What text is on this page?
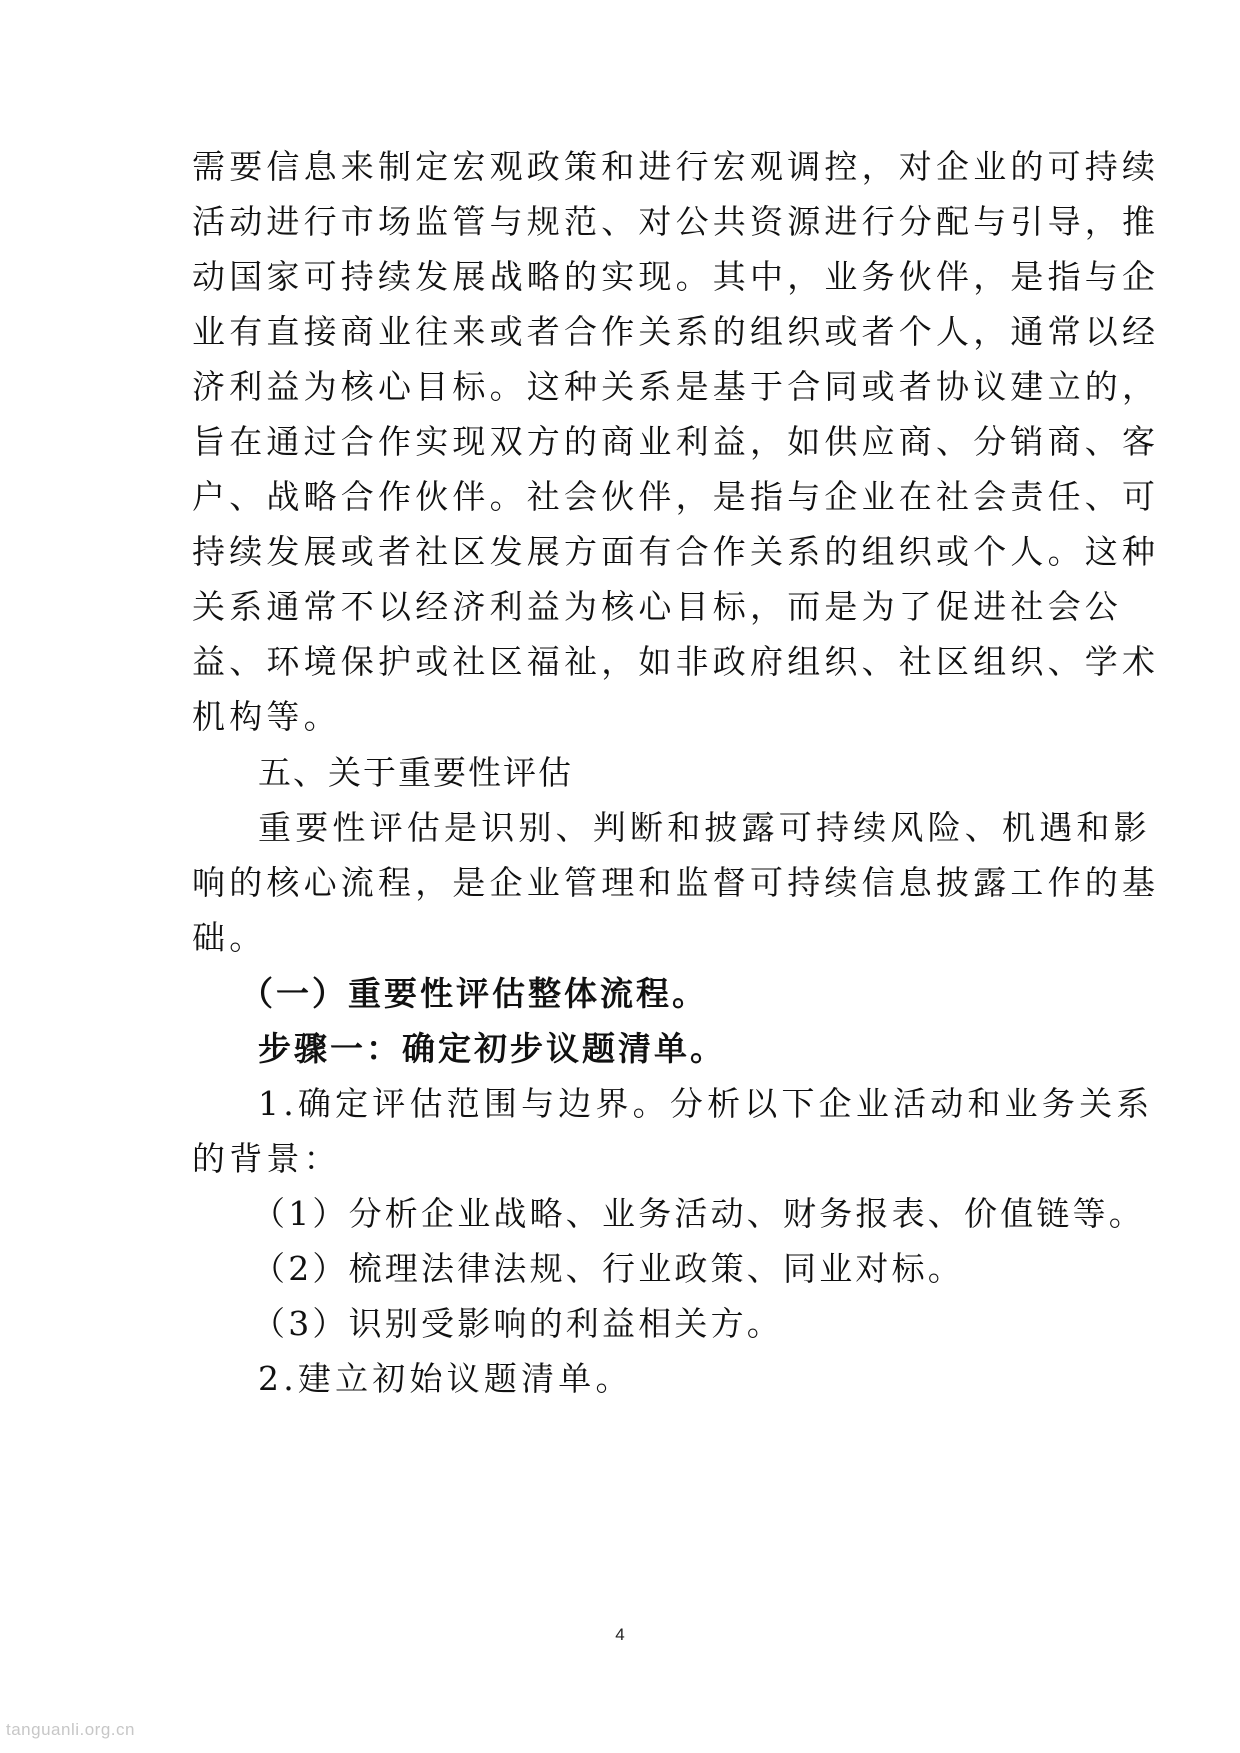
需要信息来制定宏观政策和进行宏观调控，对企业的可持续
活动进行市场监管与规范、对公共资源进行分配与引导，推
动国家可持续发展战略的实现。其中，业务伙伴，是指与企
业有直接商业往来或者合作关系的组织或者个人，通常以经
济利益为核心目标。这种关系是基于合同或者协议建立的，
旨在通过合作实现双方的商业利益，如供应商、分销商、客
户、战略合作伙伴。社会伙伴，是指与企业在社会责任、可
持续发展或者社区发展方面有合作关系的组织或个人。这种
关系通常不以经济利益为核心目标，而是为了促进社会公
益、环境保护或社区福祉，如非政府组织、社区组织、学术
机构等。
五、关于重要性评估
重要性评估是识别、判断和披露可持续风险、机遇和影
响的核心流程，是企业管理和监督可持续信息披露工作的基
础。
（一）重要性评估整体流程。
步骤一：确定初步议题清单。
1.确定评估范围与边界。分析以下企业活动和业务关系
的背景：
（1）分析企业战略、业务活动、财务报表、价值链等。
（2）梳理法律法规、行业政策、同业对标。
（3）识别受影响的利益相关方。
2.建立初始议题清单。
4
tanguanli.org.cn
